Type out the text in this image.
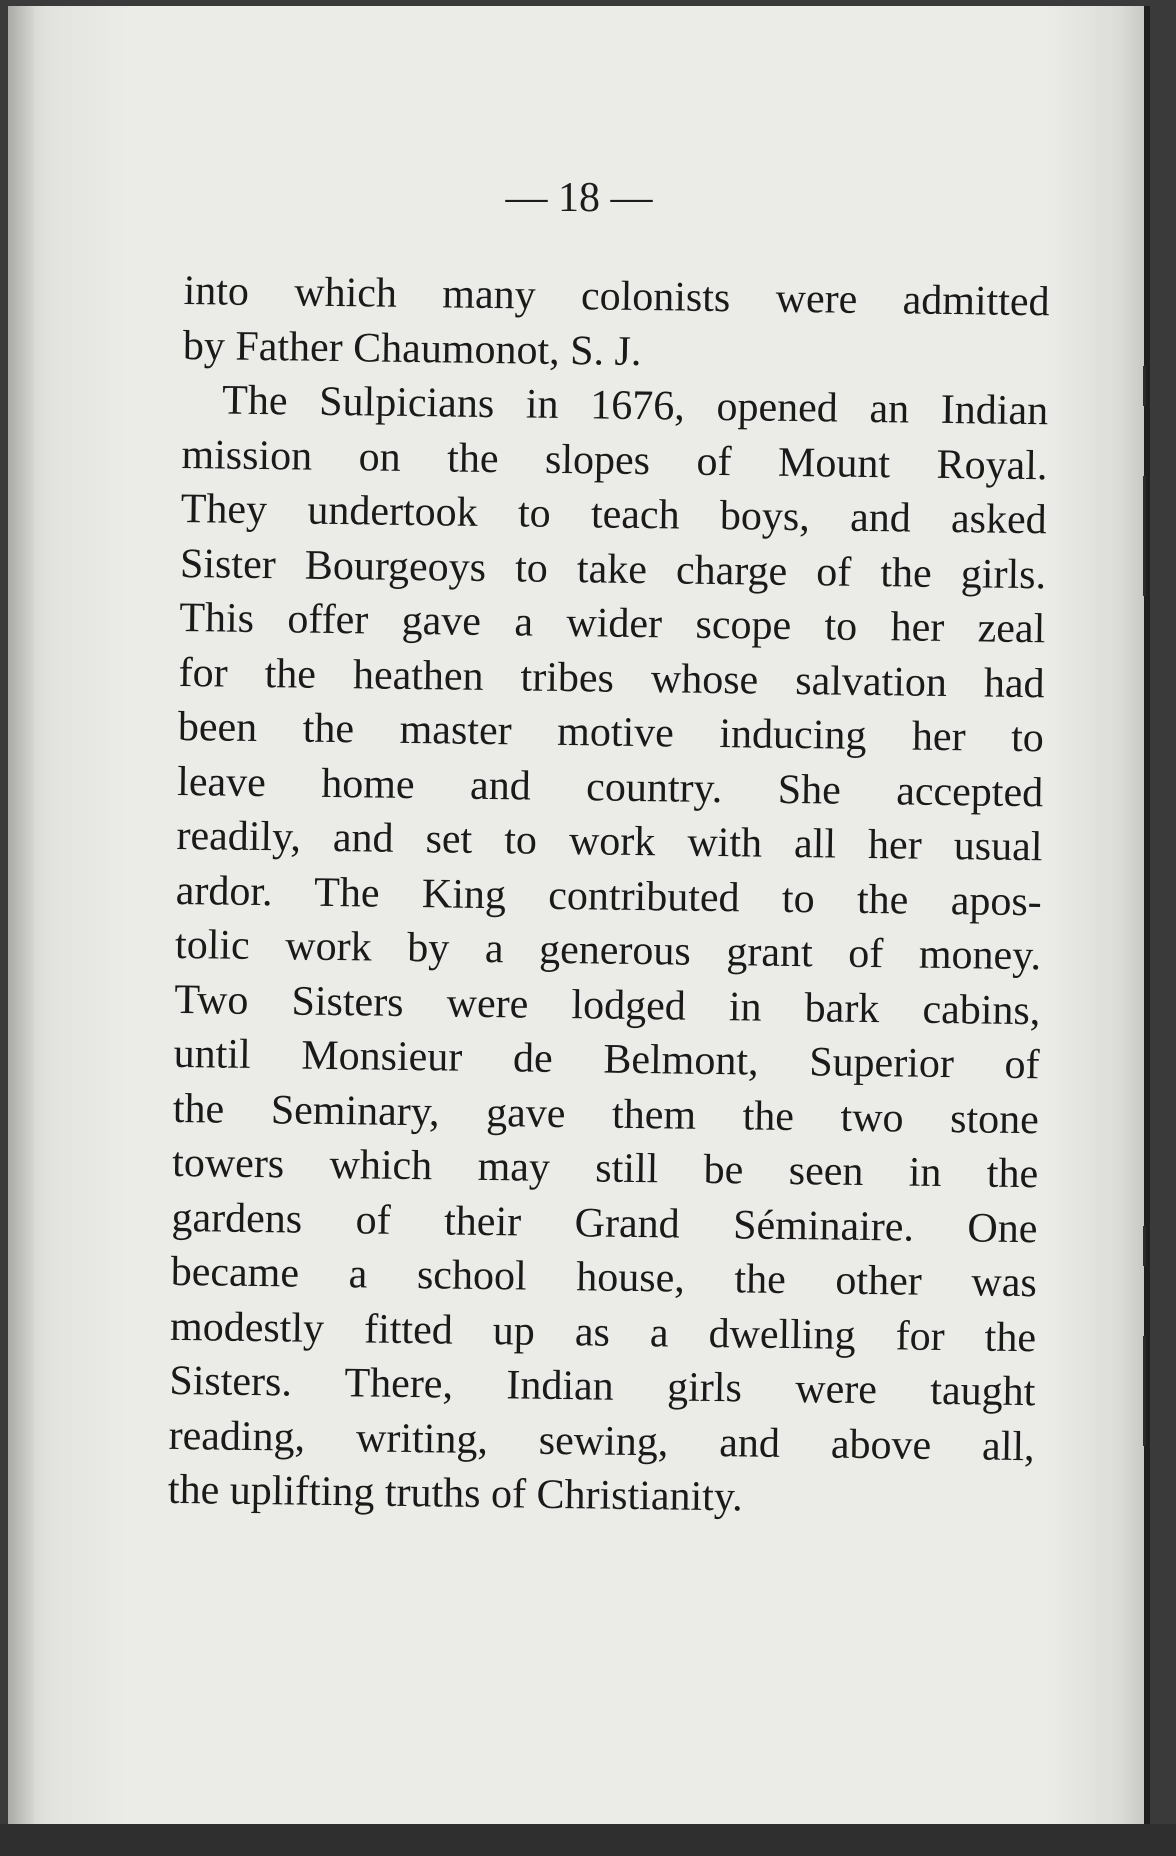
— 18 —
into which many colonists were admitted
by Father Chaumonot, S. J.
The Sulpicians in 1676, opened an Indian
mission on the slopes of Mount Royal.
They undertook to teach boys, and asked
Sister Bourgeoys to take charge of the girls.
This offer gave a wider scope to her zeal
for the heathen tribes whose salvation had
been the master motive inducing her to
leave home and country. She accepted
readily, and set to work with all her usual
ardor. The King contributed to the apos-
tolic work by a generous grant of money.
Two Sisters were lodged in bark cabins,
until Monsieur de Belmont, Superior of
the Seminary, gave them the two stone
towers which may still be seen in the
gardens of their Grand Séminaire. One
became a school house, the other was
modestly fitted up as a dwelling for the
Sisters. There, Indian girls were taught
reading, writing, sewing, and above all,
the uplifting truths of Christianity.
